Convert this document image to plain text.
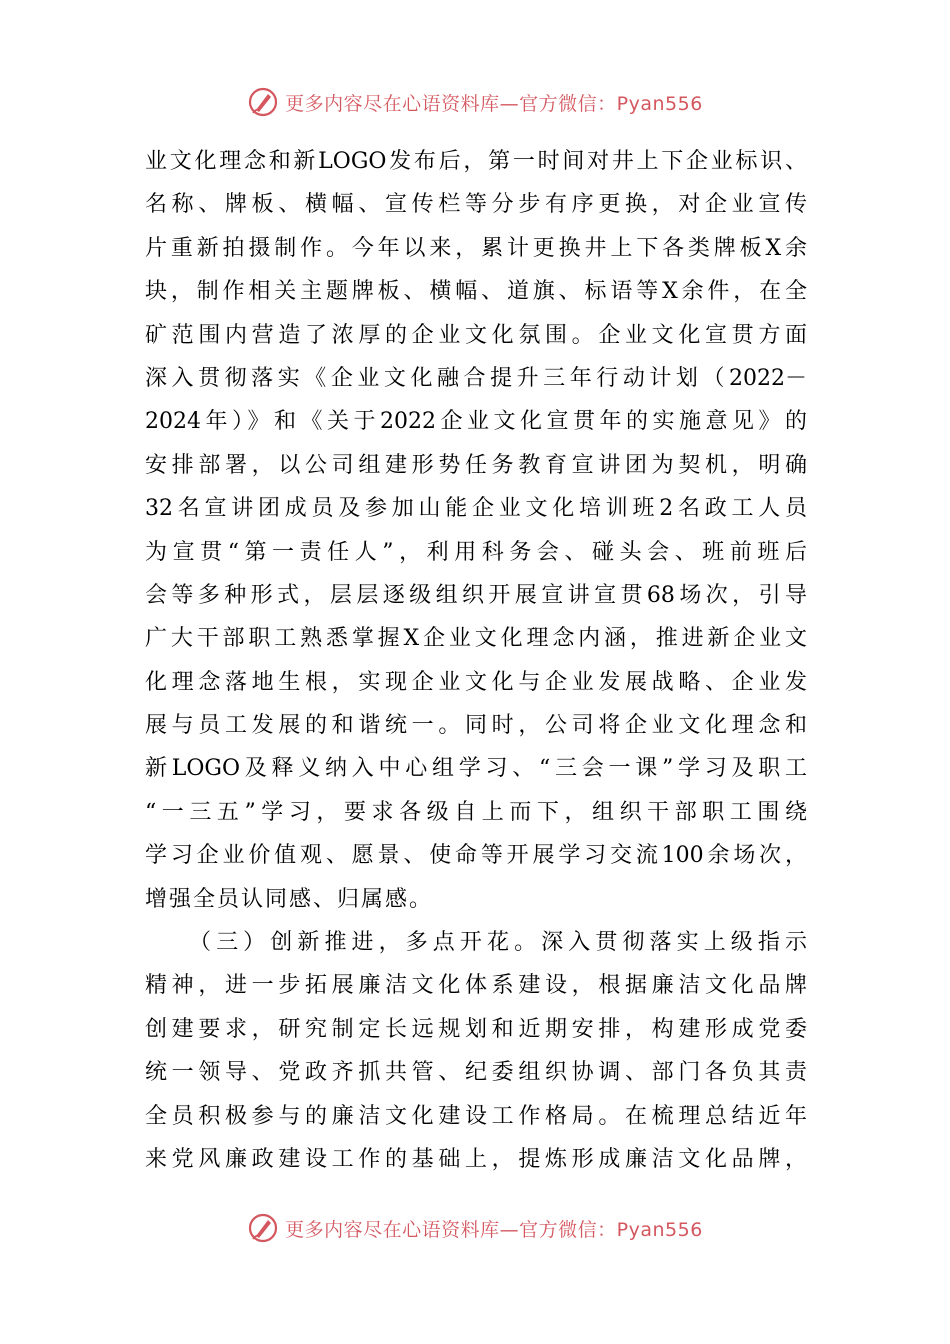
更多内容尽在心语资料库—官方微信：Pyan556
业文化理念和新LOGO发布后，第一时间对井上下企业标识、
名称、牌板、横幅、宣传栏等分步有序更换，对企业宣传
片重新拍摄制作。今年以来，累计更换井上下各类牌板X余
块，制作相关主题牌板、横幅、道旗、标语等X余件，在全
矿范围内营造了浓厚的企业文化氛围。企业文化宣贯方面
深入贯彻落实《企业文化融合提升三年行动计划（2022－
2024年）》和《关于2022企业文化宣贯年的实施意见》的
安排部署，以公司组建形势任务教育宣讲团为契机，明确
32名宣讲团成员及参加山能企业文化培训班2名政工人员
为宣贯“第一责任人”，利用科务会、碰头会、班前班后
会等多种形式，层层逐级组织开展宣讲宣贯68场次，引导
广大干部职工熟悉掌握X企业文化理念内涵，推进新企业文
化理念落地生根，实现企业文化与企业发展战略、企业发
展与员工发展的和谐统一。同时，公司将企业文化理念和
新LOGO及释义纳入中心组学习、“三会一课”学习及职工
“一三五”学习，要求各级自上而下，组织干部职工围绕
学习企业价值观、愿景、使命等开展学习交流100余场次，
增强全员认同感、归属感。
（三）创新推进，多点开花。深入贯彻落实上级指示
精神，进一步拓展廉洁文化体系建设，根据廉洁文化品牌
创建要求，研究制定长远规划和近期安排，构建形成党委
统一领导、党政齐抓共管、纪委组织协调、部门各负其责
全员积极参与的廉洁文化建设工作格局。在梳理总结近年
来党风廉政建设工作的基础上，提炼形成廉洁文化品牌，
更多内容尽在心语资料库—官方微信：Pyan556
